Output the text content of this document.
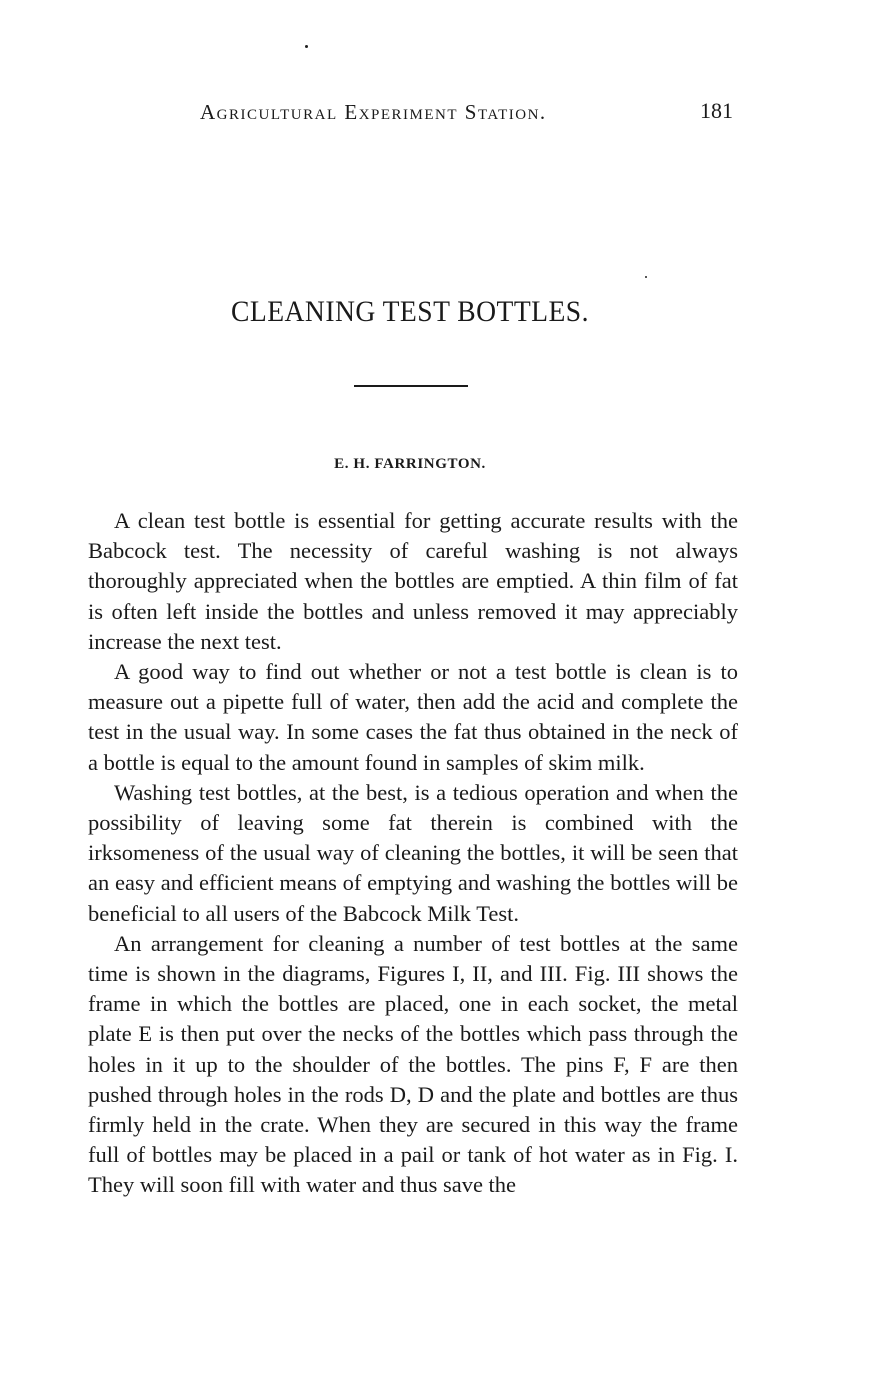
Agricultural Experiment Station.	181
CLEANING TEST BOTTLES.
E. H. FARRINGTON.

A clean test bottle is essential for getting accurate results with the Babcock test. The necessity of careful washing is not always thoroughly appreciated when the bottles are emptied. A thin film of fat is often left inside the bottles and unless removed it may appreciably increase the next test.

A good way to find out whether or not a test bottle is clean is to measure out a pipette full of water, then add the acid and complete the test in the usual way. In some cases the fat thus obtained in the neck of a bottle is equal to the amount found in samples of skim milk.

Washing test bottles, at the best, is a tedious operation and when the possibility of leaving some fat therein is combined with the irksomeness of the usual way of cleaning the bottles, it will be seen that an easy and efficient means of emptying and washing the bottles will be beneficial to all users of the Babcock Milk Test.

An arrangement for cleaning a number of test bottles at the same time is shown in the diagrams, Figures I, II, and III. Fig. III shows the frame in which the bottles are placed, one in each socket, the metal plate E is then put over the necks of the bottles which pass through the holes in it up to the shoulder of the bottles. The pins F, F are then pushed through holes in the rods D, D and the plate and bottles are thus firmly held in the crate. When they are secured in this way the frame full of bottles may be placed in a pail or tank of hot water as in Fig. I. They will soon fill with water and thus save the
